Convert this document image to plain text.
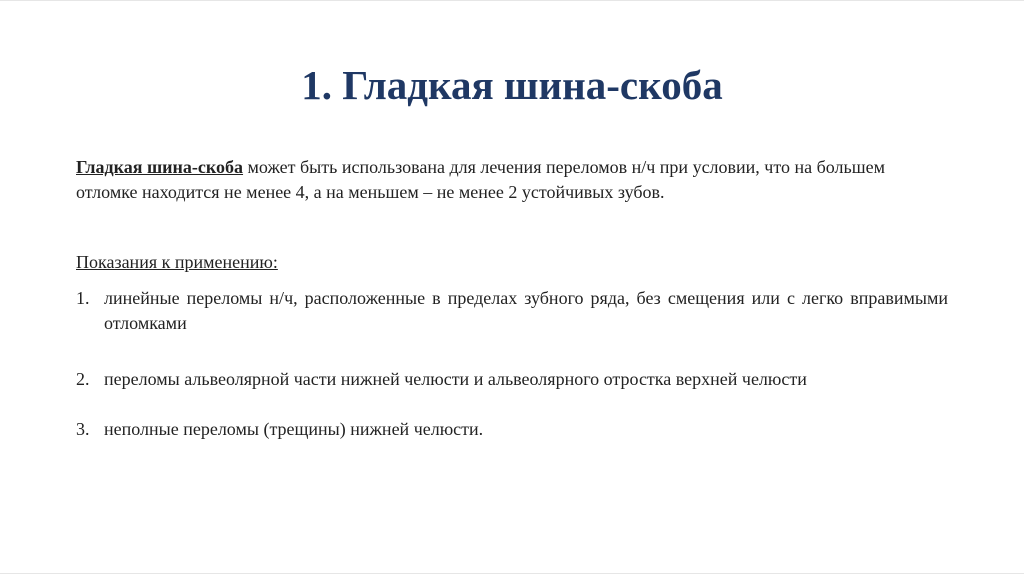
1. Гладкая шина-скоба

Гладкая шина-скоба может быть использована для лечения переломов н/ч при условии, что на большем отломке находится не менее 4, а на меньшем – не менее 2 устойчивых зубов.

Показания к применению:

1. линейные переломы н/ч, расположенные в пределах зубного ряда, без смещения или с легко вправимыми отломками
2. переломы альвеолярной части нижней челюсти и альвеолярного отростка верхней челюсти
3. неполные переломы (трещины) нижней челюсти.
